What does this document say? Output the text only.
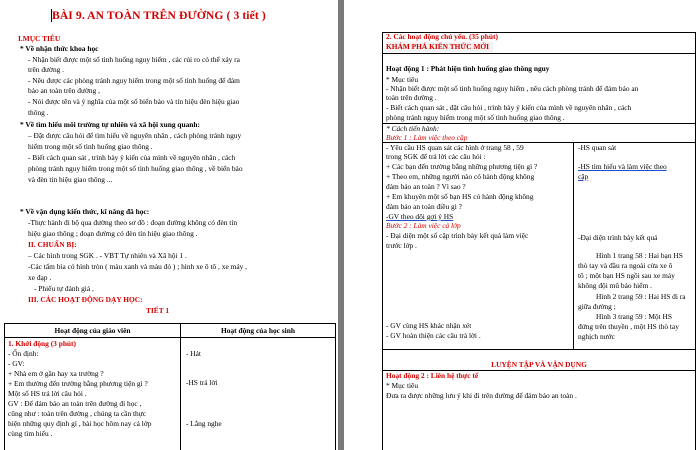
BÀI 9. AN TOÀN TRÊN ĐƯỜNG ( 3 tiết )
I.MỤC TIÊU
* Về nhận thức khoa học
- Nhận biết được một số tình huống nguy hiểm , các rủi ro có thể xảy ra
trên đường .
- Nêu được các phòng tránh nguy hiểm trong một số tình huống để đảm
bảo an toàn trên đường ,
- Nói được tên và ý nghĩa của một số biển báo và tín hiệu đèn hiệu giao
thông .
* Về tìm hiểu môi trường tự nhiên và xã hội xung quanh:
– Đặt được câu hỏi để tìm hiểu về nguyên nhân , cách phòng tránh nguy
hiểm trong một số tình huống giao thông .
- Biết cách quan sát , trình bày ý kiến của mình về nguyên nhân , cách
phòng tránh nguy hiểm trong một số tình huống giao thông , về biển báo
và đèn tín hiệu giao thông ...
* Về vận dụng kiến thức, kĩ năng đã học:
-Thực hành đi bộ qua đường theo sơ đồ : đoạn đường không có đèn tín
hiệu giao thông ; đoạn đường có đèn tín hiệu giao thông .
II. CHUẨN BỊ:
– Các hình trong SGK . - VBT Tự nhiên và Xã hội 1 .
-Các tấm bìa có hình tròn ( màu xanh và màu đỏ ) ; hình xe ô tô , xe máy ,
xe đạp .
- Phiếu tự đánh giá ,
III. CÁC HOẠT ĐỘNG DẠY HỌC:
TIẾT 1
Hoạt động của giáo viên	Hoạt động của học sinh
1. Khởi động (3 phút)
- Ổn định:
- GV:
+ Nhà em ở gần hay xa trường ?
+ Em thường đến trường bằng phương tiện gì ?
Một số HS trả lời câu hỏi .
GV : Để đảm bảo an toàn trên đường đi học ,
cũng như : toàn trên đường , chúng ta cần thực
hiện những quy định gì , bài học hôm nay cả lớp
cùng tìm hiểu .
- Hát
-HS trả lời
- Lắng nghe
2. Các hoạt động chủ yếu. (35 phút)
KHÁM PHÁ KIẾN THỨC MỚI
Hoạt động 1 : Phát hiện tình huống giao thông nguy
* Mục tiêu
- Nhận biết được một số tình huống nguy hiểm , nêu cách phòng tránh để đảm bảo an
toàn trên đường .
- Biết cách quan sát , đặt câu hỏi , trình bày ý kiến của mình về nguyên nhân , cách
phòng tránh nguy hiểm trong một số tình huống giao thông .
* Cách tiến hành:
Bước 1 : Làm việc theo cặp
- Yêu cầu HS quan sát các hình ở trang 58 , 59
trong SGK để trả lời các câu hỏi :
+ Các bạn đến trường bằng những phương tiện gì ?
+ Theo em, những người nào có hành động không
đảm bảo an toàn ? Vì sao ?
+ Em khuyên một số bạn HS có hành động không
đảm bảo an toàn điều gì ?
-GV theo dõi gợi ý HS
Bước 2 : Làm việc cả lớp
- Đại diện một số cặp trình bày kết quả làm việc
trước lớp .
- GV cùng HS khác nhận xét
- GV hoàn thiện các câu trả lời .
-HS quan sát
-HS tìm hiểu và làm việc theo
cặp
-Đại diện trình bày kết quả
Hình 1 trang 58 : Hai bạn HS
thò tay và đầu ra ngoài cửa xe ô
tô ; một bạn HS ngồi sau xe máy
không đội mũ bảo hiểm .
Hình 2 trang 59 : Hai HS đi ra
giữa đường ;
Hình 3 trang 59 : Một HS
đứng trên thuyền , một HS thò tay
nghịch nước
LUYỆN TẬP VÀ VẬN DỤNG
Hoạt động 2 : Liên hệ thực tế
* Mục tiêu
Đưa ra được những lưu ý khi đi trên đường để đảm bảo an toàn .
